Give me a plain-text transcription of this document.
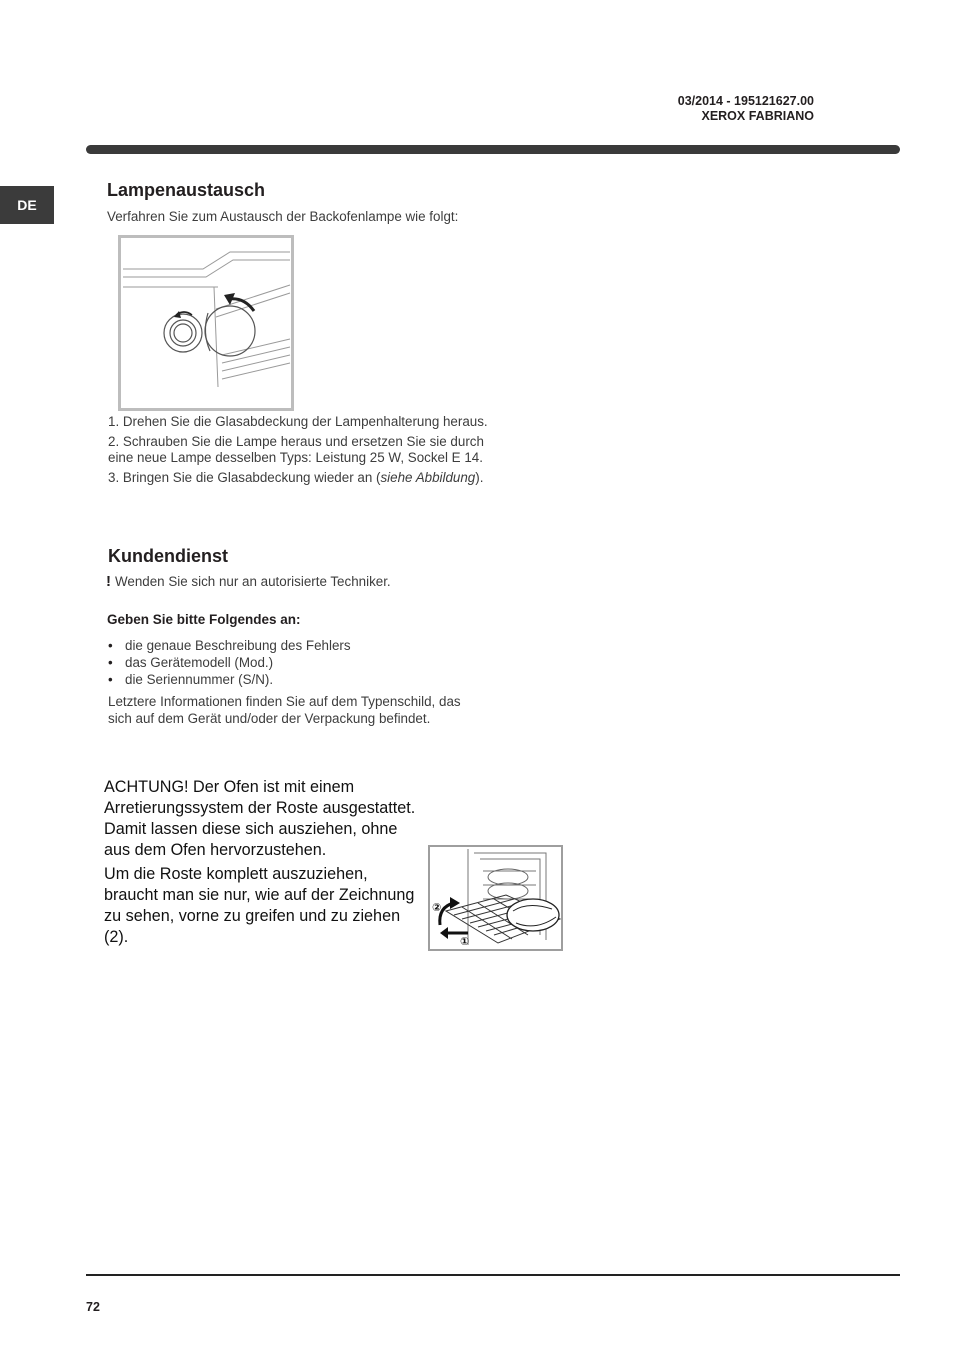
03/2014 - 195121627.00
XEROX FABRIANO
DE
Lampenaustausch
Verfahren Sie zum Austausch der Backofenlampe wie folgt:

1. Drehen Sie die Glasabdeckung der Lampenhalterung heraus.

2. Schrauben Sie die Lampe heraus und ersetzen Sie sie durch eine neue Lampe desselben Typs: Leistung 25 W, Sockel E 14.

3. Bringen Sie die Glasabdeckung wieder an (siehe Abbildung).

Kundendienst
! Wenden Sie sich nur an autorisierte Techniker.
Geben Sie bitte Folgendes an:
• die genaue Beschreibung des Fehlers
• das Gerätemodell (Mod.)
• die Seriennummer (S/N).
Letztere Informationen finden Sie auf dem Typenschild, das sich auf dem Gerät und/oder der Verpackung befindet.

ACHTUNG! Der Ofen ist mit einem Arretierungssystem der Roste ausgestattet. Damit lassen diese sich ausziehen, ohne aus dem Ofen hervorzustehen.

Um die Roste komplett auszuziehen, braucht man sie nur, wie auf der Zeichnung zu sehen, vorne zu greifen und zu ziehen (2).

②
①
72
